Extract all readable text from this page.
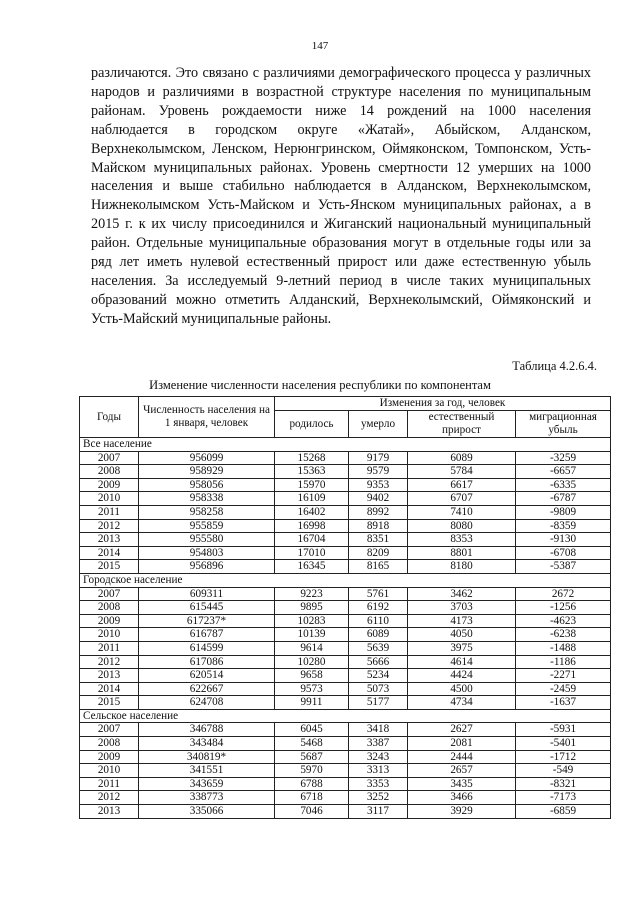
147

различаются. Это связано с различиями демографического процесса у различных народов и различиями в возрастной структуре населения по муниципальным районам. Уровень рождаемости ниже 14 рождений на 1000 населения наблюдается в городском округе «Жатай», Абыйском, Алданском, Верхнеколымском, Ленском, Нерюнгринском, Оймяконском, Томпонском, Усть-Майском муниципальных районах. Уровень смертности 12 умерших на 1000 населения и выше стабильно наблюдается в Алданском, Верхнеколымском, Нижнеколымском Усть-Майском и Усть-Янском муниципальных районах, а в 2015 г. к их числу присоединился и Жиганский национальный муниципальный район. Отдельные муниципальные образования могут в отдельные годы или за ряд лет иметь нулевой естественный прирост или даже естественную убыль населения. За исследуемый 9-летний период в числе таких муниципальных образований можно отметить Алданский, Верхнеколымский, Оймяконский и Усть-Майский муниципальные районы.

Таблица 4.2.6.4.
Изменение численности населения республики по компонентам
Годы	Численность населения на 1 января, человек	Изменения за год, человек			
		родилось	умерло	естественный прирост	миграционная убыль
Все население					
2007	956099	15268	9179	6089	-3259
2008	958929	15363	9579	5784	-6657
2009	958056	15970	9353	6617	-6335
2010	958338	16109	9402	6707	-6787
2011	958258	16402	8992	7410	-9809
2012	955859	16998	8918	8080	-8359
2013	955580	16704	8351	8353	-9130
2014	954803	17010	8209	8801	-6708
2015	956896	16345	8165	8180	-5387
Городское население					
2007	609311	9223	5761	3462	2672
2008	615445	9895	6192	3703	-1256
2009	617237*	10283	6110	4173	-4623
2010	616787	10139	6089	4050	-6238
2011	614599	9614	5639	3975	-1488
2012	617086	10280	5666	4614	-1186
2013	620514	9658	5234	4424	-2271
2014	622667	9573	5073	4500	-2459
2015	624708	9911	5177	4734	-1637
Сельское население					
2007	346788	6045	3418	2627	-5931
2008	343484	5468	3387	2081	-5401
2009	340819*	5687	3243	2444	-1712
2010	341551	5970	3313	2657	-549
2011	343659	6788	3353	3435	-8321
2012	338773	6718	3252	3466	-7173
2013	335066	7046	3117	3929	-6859
